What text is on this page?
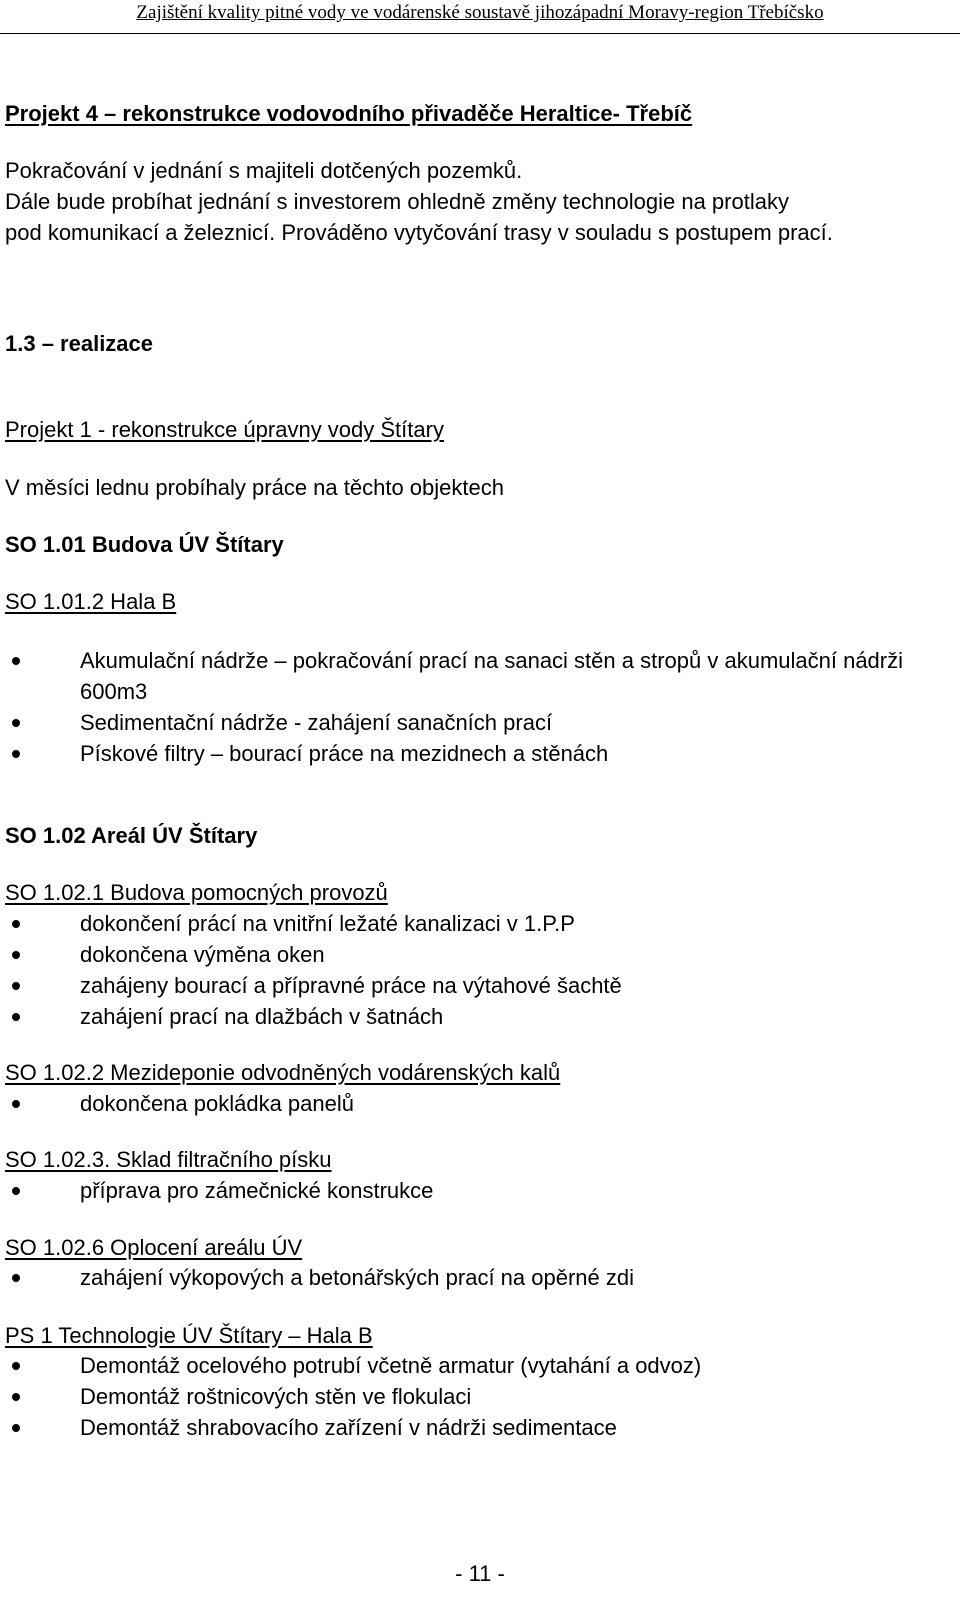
Zajištění kvality pitné vody ve vodárenské soustavě jihozápadní Moravy-region Třebíčsko
Projekt 4 – rekonstrukce vodovodního přivaděče Heraltice- Třebíč
Pokračování v jednání s majiteli dotčených pozemků.
Dále bude probíhat jednání s investorem ohledně změny technologie na protlaky
pod komunikací a železnicí. Prováděno vytyčování trasy v souladu s postupem prací.
1.3 – realizace
Projekt 1 - rekonstrukce úpravny vody Štítary
V měsíci lednu probíhaly práce na těchto objektech
SO 1.01 Budova ÚV Štítary
SO 1.01.2 Hala B
Akumulační nádrže – pokračování prací na sanaci stěn a stropů v akumulační nádrži 600m3
Sedimentační nádrže - zahájení sanačních prací
Pískové filtry – bourací práce na mezidnech a stěnách
SO 1.02 Areál ÚV Štítary
SO 1.02.1 Budova pomocných provozů
dokončení prácí na vnitřní ležaté kanalizaci v 1.P.P
dokončena výměna oken
zahájeny bourací a přípravné práce na výtahové šachtě
zahájení prací na dlažbách v šatnách
SO 1.02.2 Mezideponie odvodněných vodárenských kalů
dokončena pokládka panelů
SO 1.02.3. Sklad filtračního písku
příprava pro zámečnické konstrukce
SO 1.02.6 Oplocení areálu ÚV
zahájení výkopových a betonářských prací na opěrné zdi
PS 1 Technologie ÚV Štítary – Hala B
Demontáž ocelového potrubí včetně armatur (vytahání a odvoz)
Demontáž roštnicových stěn ve flokulaci
Demontáž shrabovacího zařízení v nádrži sedimentace
- 11 -
